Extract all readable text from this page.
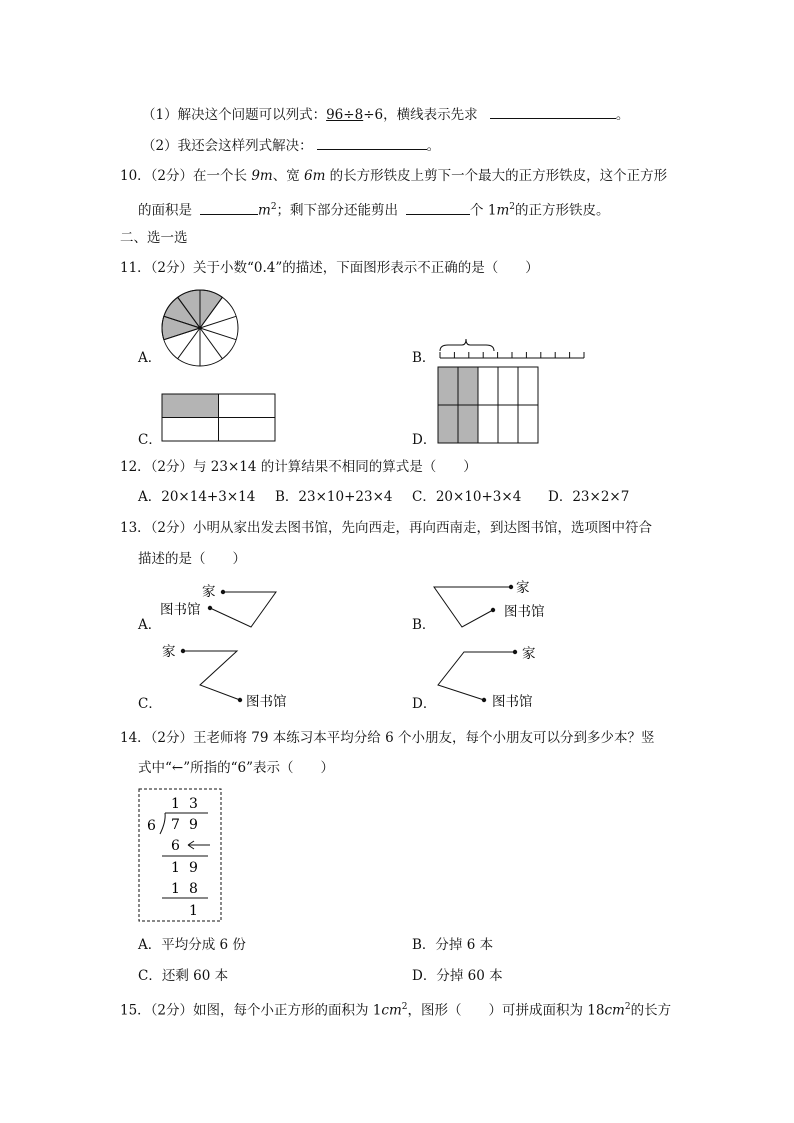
（1）解决这个问题可以列式：96÷8÷6，横线表示先求	。
（2）我还会这样列式解决：	。
10．（2分）在一个长 9m、宽 6m 的长方形铁皮上剪下一个最大的正方形铁皮，这个正方形
的面积是	$m^2$；剩下部分还能剪出	个 $1m^2$的正方形铁皮。
二、选一选
11．（2分）关于小数“0.4”的描述，下面图形表示不正确的是（　　）
A．	B．
C．	D．
12．（2分）与 23×14 的计算结果不相同的算式是（　　）
A．20×14+3×14 B．23×10+23×4 C．20×10+3×4 D．23×2×7
13．（2分）小明从家出发去图书馆，先向西走，再向西南走，到达图书馆，选项图中符合
描述的是（　　）
家
图书馆
A．
家
图书馆
B．
家
图书馆
C．
家
图书馆
D．
14．（2分）王老师将 79 本练习本平均分给 6 个小朋友，每个小朋友可以分到多少本？竖
式中“←”所指的“6”表示（　　）
1 3
6 7 9
6
1 9
1 8
1
A．平均分成 6 份	B．分掉 6 本
C．还剩 60 本	D．分掉 60 本
15．（2分）如图，每个小正方形的面积为 $1cm^2$，图形（　　）可拼成面积为 $18cm^2$的长方
